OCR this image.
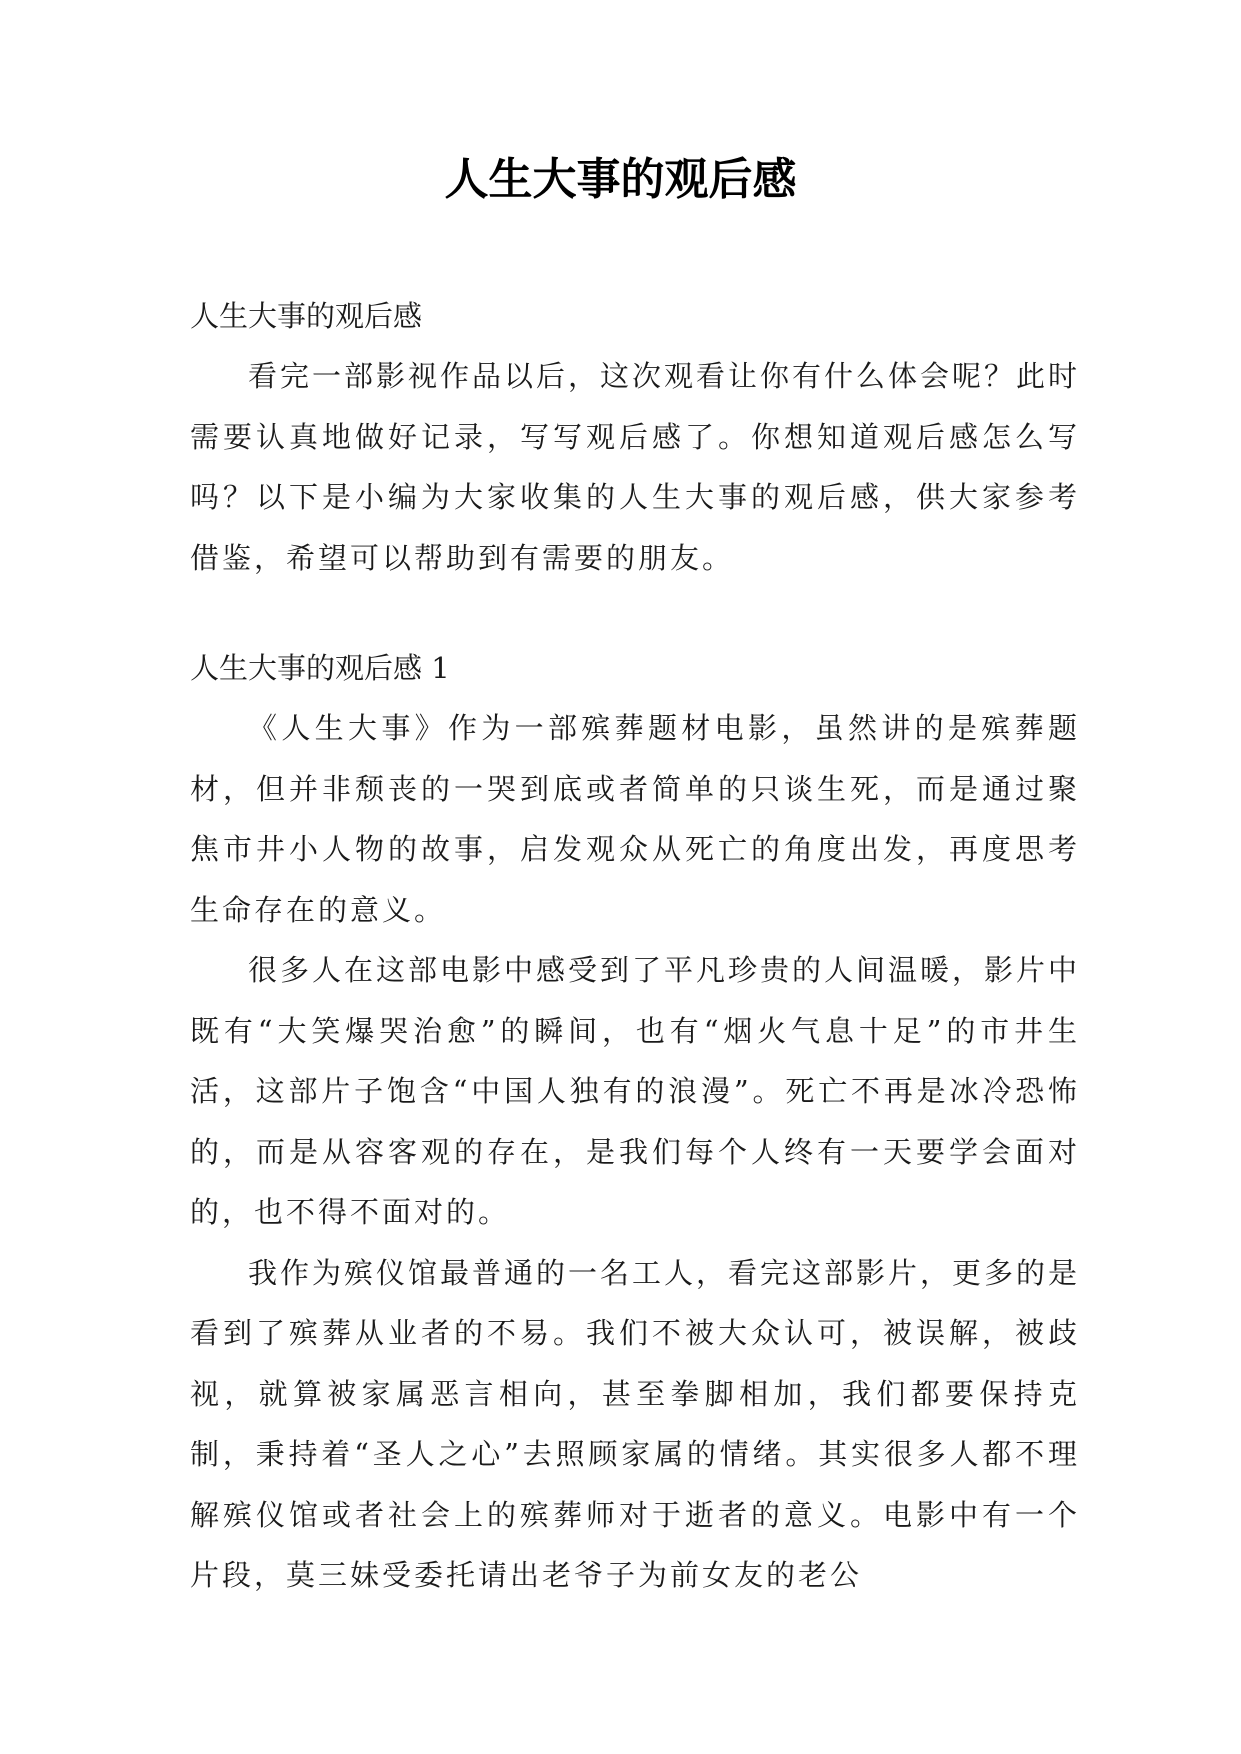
人生大事的观后感

人生大事的观后感

看完一部影视作品以后，这次观看让你有什么体会呢？此时需要认真地做好记录，写写观后感了。你想知道观后感怎么写吗？以下是小编为大家收集的人生大事的观后感，供大家参考借鉴，希望可以帮助到有需要的朋友。

人生大事的观后感 1

《人生大事》作为一部殡葬题材电影，虽然讲的是殡葬题材，但并非颓丧的一哭到底或者简单的只谈生死，而是通过聚焦市井小人物的故事，启发观众从死亡的角度出发，再度思考生命存在的意义。

很多人在这部电影中感受到了平凡珍贵的人间温暖，影片中既有“大笑爆哭治愈”的瞬间，也有“烟火气息十足”的市井生活，这部片子饱含“中国人独有的浪漫”。死亡不再是冰冷恐怖的，而是从容客观的存在，是我们每个人终有一天要学会面对的，也不得不面对的。

我作为殡仪馆最普通的一名工人，看完这部影片，更多的是看到了殡葬从业者的不易。我们不被大众认可，被误解，被歧视，就算被家属恶言相向，甚至拳脚相加，我们都要保持克制，秉持着“圣人之心”去照顾家属的情绪。其实很多人都不理解殡仪馆或者社会上的殡葬师对于逝者的意义。电影中有一个片段，莫三妹受委托请出老爷子为前女友的老公
